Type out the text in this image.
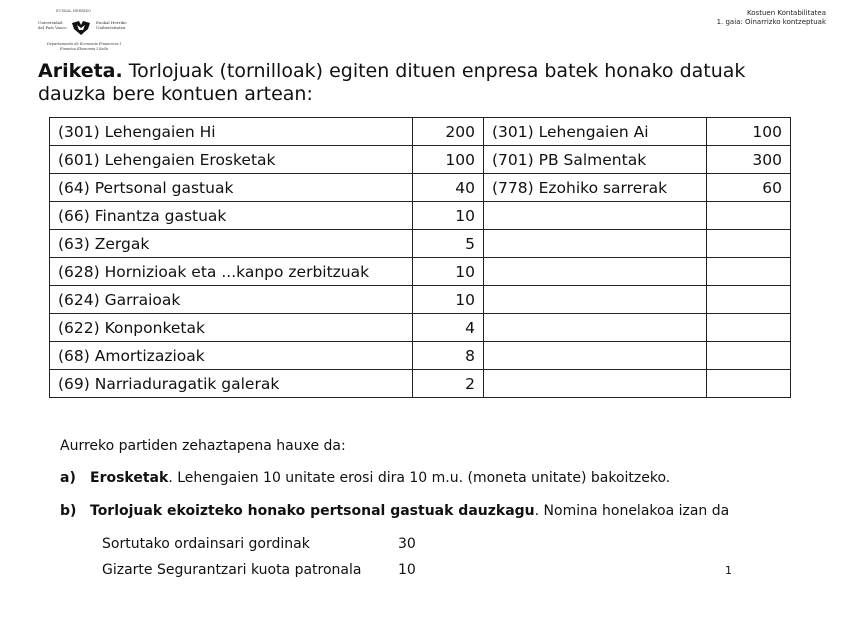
EUSKAL HERRIKO
Universidad
del País Vasco
Euskal Herriko
Unibertsitatea
Departamento de Economía Financiera I
Finantza Ekonomia I Saila
Kostuen Kontabilitatea
1. gaia: Oinarrizko kontzeptuak
Ariketa. Torlojuak (tornilloak) egiten dituen enpresa batek honako datuak dauzka bere kontuen artean:
(301) Lehengaien Hi	200	(301) Lehengaien Ai	100
(601) Lehengaien Erosketak	100	(701) PB Salmentak	300
(64) Pertsonal gastuak	40	(778) Ezohiko sarrerak	60
(66) Finantza gastuak	10		
(63) Zergak	5		
(628) Hornizioak eta ...kanpo zerbitzuak	10		
(624) Garraioak	10		
(622) Konponketak	4		
(68) Amortizazioak	8		
(69) Narriaduragatik galerak	2		
Aurreko partiden zehaztapena hauxe da:
a) Erosketak. Lehengaien 10 unitate erosi dira 10 m.u. (moneta unitate) bakoitzeko.
b) Torlojuak ekoizteko honako pertsonal gastuak dauzkagu. Nomina honelakoa izan da
Sortutako ordainsari gordinak	30
Gizarte Segurantzari kuota patronala	10	1
